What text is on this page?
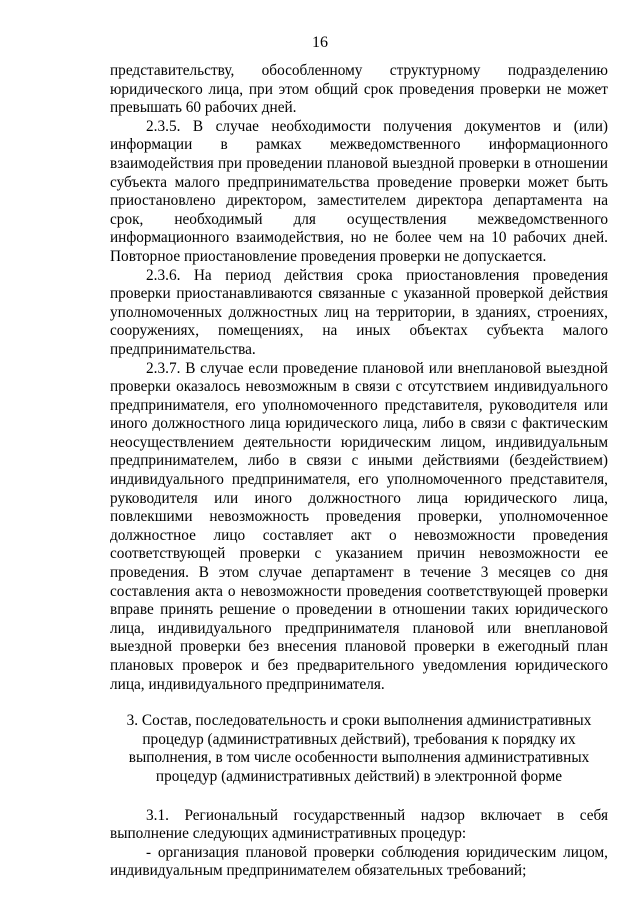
16

представительству, обособленному структурному подразделению юридического лица, при этом общий срок проведения проверки не может превышать 60 рабочих дней.

2.3.5. В случае необходимости получения документов и (или) информации в рамках межведомственного информационного взаимодействия при проведении плановой выездной проверки в отношении субъекта малого предпринимательства проведение проверки может быть приостановлено директором, заместителем директора департамента на срок, необходимый для осуществления межведомственного информационного взаимодействия, но не более чем на 10 рабочих дней. Повторное приостановление проведения проверки не допускается.

2.3.6. На период действия срока приостановления проведения проверки приостанавливаются связанные с указанной проверкой действия уполномоченных должностных лиц на территории, в зданиях, строениях, сооружениях, помещениях, на иных объектах субъекта малого предпринимательства.

2.3.7. В случае если проведение плановой или внеплановой выездной проверки оказалось невозможным в связи с отсутствием индивидуального предпринимателя, его уполномоченного представителя, руководителя или иного должностного лица юридического лица, либо в связи с фактическим неосуществлением деятельности юридическим лицом, индивидуальным предпринимателем, либо в связи с иными действиями (бездействием) индивидуального предпринимателя, его уполномоченного представителя, руководителя или иного должностного лица юридического лица, повлекшими невозможность проведения проверки, уполномоченное должностное лицо составляет акт о невозможности проведения соответствующей проверки с указанием причин невозможности ее проведения. В этом случае департамент в течение 3 месяцев со дня составления акта о невозможности проведения соответствующей проверки вправе принять решение о проведении в отношении таких юридического лица, индивидуального предпринимателя плановой или внеплановой выездной проверки без внесения плановой проверки в ежегодный план плановых проверок и без предварительного уведомления юридического лица, индивидуального предпринимателя.

3. Состав, последовательность и сроки выполнения административных процедур (административных действий), требования к порядку их выполнения, в том числе особенности выполнения административных процедур (административных действий) в электронной форме

3.1. Региональный государственный надзор включает в себя выполнение следующих административных процедур:

- организация плановой проверки соблюдения юридическим лицом, индивидуальным предпринимателем обязательных требований;
